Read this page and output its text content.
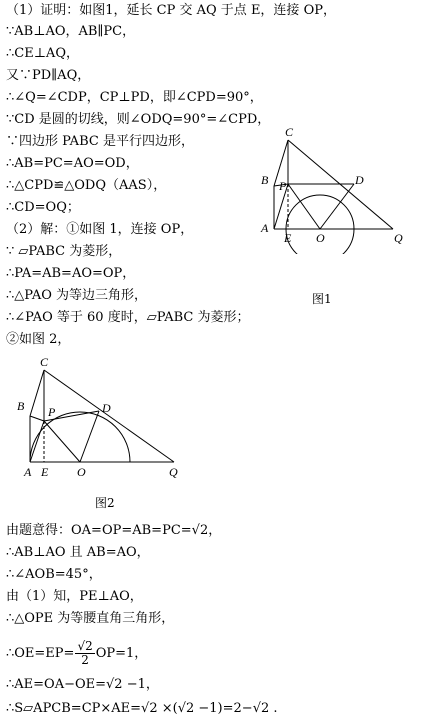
（1）证明：如图1，延长 CP 交 AQ 于点 E，连接 OP，
∵AB⊥AO，AB∥PC，
∴CE⊥AQ，
又∵PD∥AQ，
∴∠Q=∠CDP，CP⊥PD，即∠CPD=90°，
∵CD 是圆的切线，则∠ODQ=90°=∠CPD，
∵四边形 PABC 是平行四边形，
∴AB=PC=AO=OD，
∴△CPD≌△ODQ（AAS），
∴CD=OQ；
（2）解：①如图 1，连接 OP，
∵ ▱PABC 为菱形，
∴PA=AB=AO=OP，
∴△PAO 为等边三角形，
∴∠PAO 等于 60 度时，▱PABC 为菱形；
②如图 2，
C
B P	D
A
E O	Q
图1
C
B P	D
A E O	Q
图2
由题意得：OA=OP=AB=PC=√2，
∴AB⊥AO 且 AB=AO，
∴∠AOB=45°，
由（1）知，PE⊥AO，
∴△OPE 为等腰直角三角形，
∴OE=EP= $\frac{√2}{2} OP=1$，
∴AE=OA−OE=√2 −1，
∴S▱APCB=CP×AE=√2 ×(√2 −1)=2−√2 .
